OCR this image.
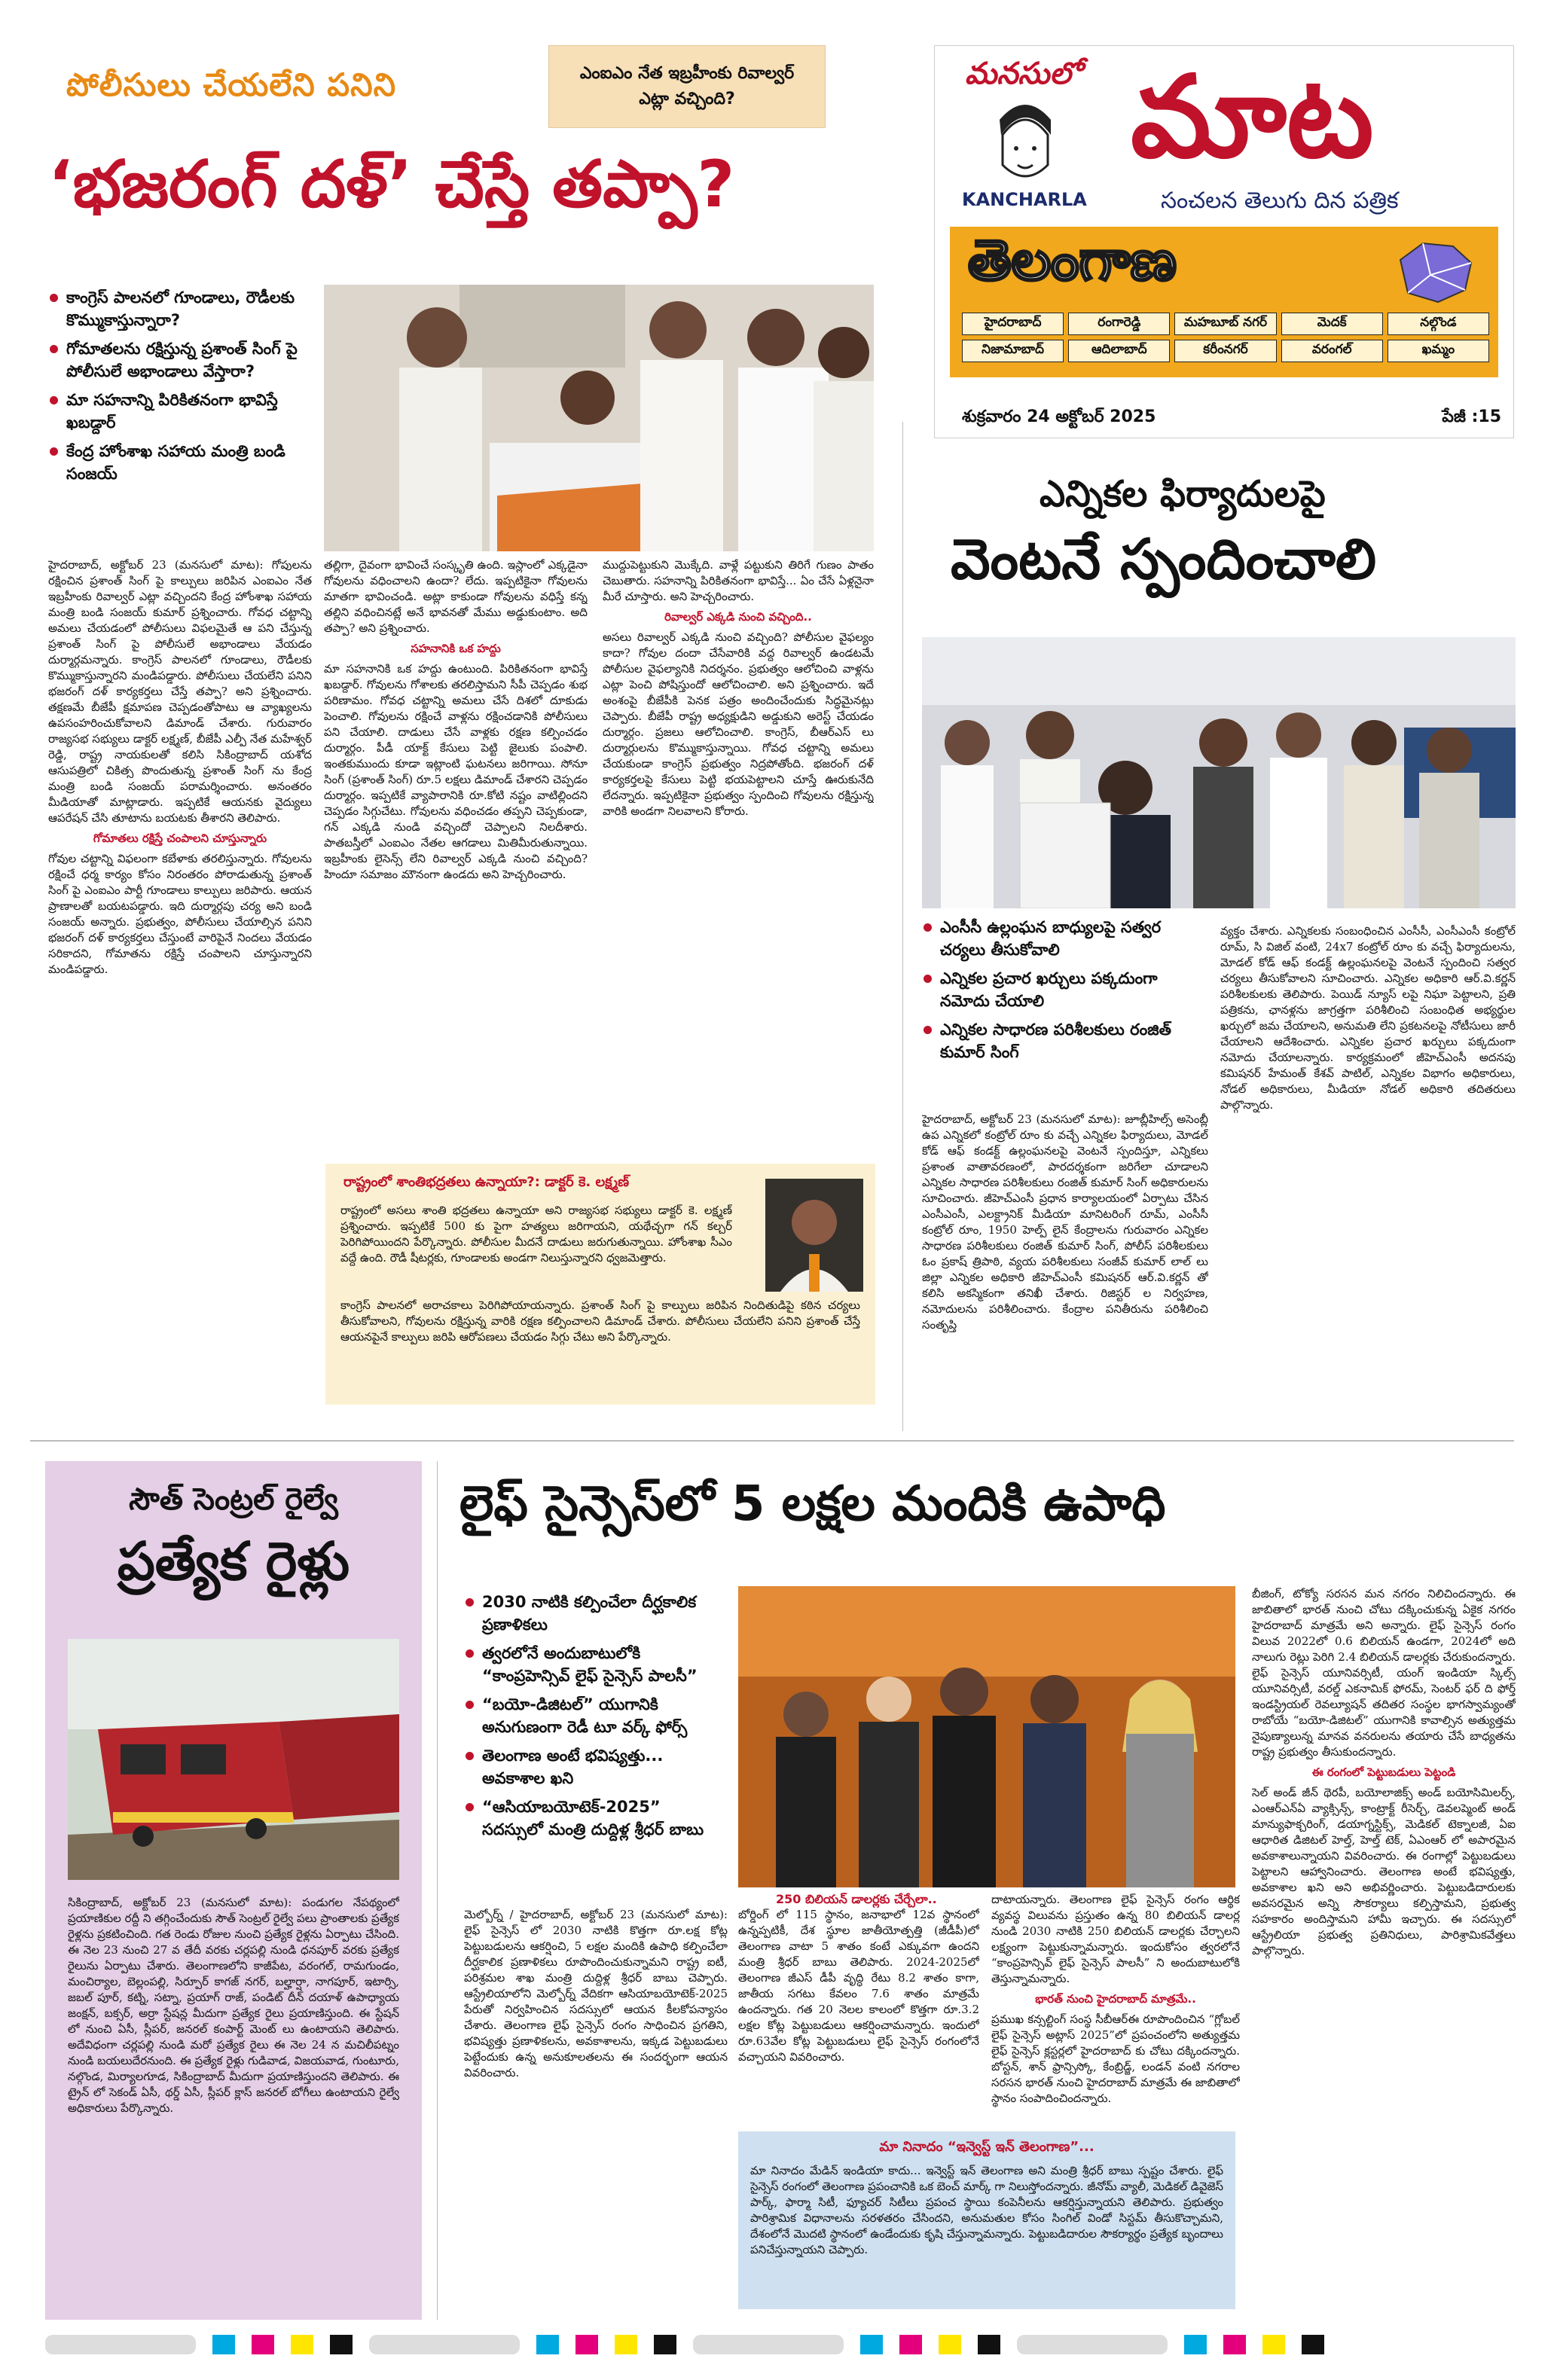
పోలీసులు చేయలేని పనిని	ఎంఐఎం నేత ఇబ్రహీంకు రివాల్వర్ ఎట్లా వచ్చింది?
‘భజరంగ్ దళ్’ చేస్తే తప్పా?
కాంగ్రెస్ పాలనలో గూండాలు, రౌడీలకు కొమ్ముకాస్తున్నారా?
గోమాతలను రక్షిస్తున్న ప్రశాంత్ సింగ్ పై పోలీసులే అభాండాలు వేస్తారా?
మా సహనాన్ని పిరికితనంగా భావిస్తే ఖబడ్దార్
కేంద్ర హోంశాఖ సహాయ మంత్రి బండి సంజయ్

హైదరాబాద్, అక్టోబర్ 23 (మనసులో మాట): గోపులను రక్షించిన ప్రశాంత్ సింగ్ పై కాల్పులు జరిపిన ఎంఐఎం నేత ఇబ్రహీంకు రివాల్వర్ ఎట్లా వచ్చిందని కేంద్ర హోంశాఖ సహాయ మంత్రి బండి సంజయ్ కుమార్ ప్రశ్నించారు. గోవధ చట్టాన్ని అమలు చేయడంలో పోలీసులు విఫలమైతే ఆ పని చేస్తున్న ప్రశాంత్ సింగ్ పై పోలీసులే అభాండాలు వేయడం దుర్మార్గమన్నారు. కాంగ్రెస్ పాలనలో గూండాలు, రౌడీలకు కొమ్ముకాస్తున్నారని మండిపడ్డారు. పోలీసులు చేయలేని పనిని భజరంగ్ దళ్ కార్యకర్తలు చేస్తే తప్పా? అని ప్రశ్నించారు. తక్షణమే బీజేపీ క్షమాపణ చెప్పడంతోపాటు ఆ వ్యాఖ్యలను ఉపసంహరించుకోవాలని డిమాండ్ చేశారు. గురువారం రాజ్యసభ సభ్యులు డాక్టర్ లక్ష్మణ్, బీజేపీ ఎల్పీ నేత మహేశ్వర్ రెడ్డి, రాష్ట్ర నాయకులతో కలిసి సికింద్రాబాద్ యశోద ఆసుపత్రిలో చికిత్స పొందుతున్న ప్రశాంత్ సింగ్ ను కేంద్ర మంత్రి బండి సంజయ్ పరామర్శించారు. అనంతరం మీడియాతో మాట్లాడారు. ఇప్పటికే ఆయనకు వైద్యులు ఆపరేషన్ చేసి తూటాను బయటకు తీశారని తెలిపారు.

గోమాతలు రక్షిస్తే చంపాలని చూస్తున్నారు

గోవుల చట్టాన్ని విఫలంగా కబేళాకు తరలిస్తున్నారు. గోవులను రక్షించే ధర్మ కార్యం కోసం నిరంతరం పోరాడుతున్న ప్రశాంత్ సింగ్ పై ఎంఐఎం పార్టీ గూండాలు కాల్పులు జరిపారు. ఆయన ప్రాణాలతో బయటపడ్డారు. ఇది దుర్మార్గపు చర్య అని బండి సంజయ్ అన్నారు. ప్రభుత్వం, పోలీసులు చేయాల్సిన పనిని భజరంగ్ దళ్ కార్యకర్తలు చేస్తుంటే వారిపైనే నిందలు వేయడం సరికాదని, గోమాతను రక్షిస్తే చంపాలని చూస్తున్నారని మండిపడ్డారు.

తల్లిగా, దైవంగా భావించే సంస్కృతి ఉంది. ఇస్లాంలో ఎక్కడైనా గోవులను వధించాలని ఉందా? లేదు. ఇప్పటికైనా గోవులను మాతగా భావించండి. అట్లా కాకుండా గోవులను వధిస్తే కన్న తల్లిని వధించినట్లే అనే భావనతో మేము అడ్డుకుంటాం. అది తప్పా? అని ప్రశ్నించారు.

సహనానికి ఒక హద్దు

మా సహనానికి ఒక హద్దు ఉంటుంది. పిరికితనంగా భావిస్తే ఖబడ్దార్. గోవులను గోశాలకు తరలిస్తామని సీపీ చెప్పడం శుభ పరిణామం. గోవధ చట్టాన్ని అమలు చేసే దిశలో దూకుడు పెంచాలి. గోవులను రక్షించే వాళ్లను రక్షించడానికి పోలీసులు పని చేయాలి. దాడులు చేసే వాళ్లకు రక్షణ కల్పించడం దుర్మార్గం. పీడీ యాక్ట్ కేసులు పెట్టి జైలుకు పంపాలి. ఇంతకుముందు కూడా ఇట్లాంటి ఘటనలు జరిగాయి. సోనూ సింగ్ (ప్రశాంత్ సింగ్) రూ.5 లక్షలు డిమాండ్ చేశారని చెప్పడం దుర్మార్గం. ఇప్పటికే వ్యాపారానికి రూ.కోటి నష్టం వాటిల్లిందని చెప్పడం సిగ్గుచేటు. గోవులను వధించడం తప్పని చెప్పకుండా, గన్ ఎక్కడి నుండి వచ్చిందో చెప్పాలని నిలదీశారు. పాతబస్తీలో ఎంఐఎం నేతల ఆగడాలు మితిమీరుతున్నాయి. ఇబ్రహీంకు లైసెన్స్ లేని రివాల్వర్ ఎక్కడి నుంచి వచ్చింది? హిందూ సమాజం మౌనంగా ఉండదు అని హెచ్చరించారు.

ముద్దుపెట్టుకుని మొక్కేది. వాళ్లే పట్టుకుని తిరిగే గుణం పాతం చెబుతారు. సహనాన్ని పిరికితనంగా భావిస్తే... ఏం చేసే ఏళ్లనైనా మీరే చూస్తారు. అని హెచ్చరించారు.

రివాల్వర్ ఎక్కడి నుంచి వచ్చింది..

అసలు రివాల్వర్ ఎక్కడి నుంచి వచ్చింది? పోలీసుల వైఫల్యం కాదా? గోవుల దందా చేసేవారికి వద్ద రివాల్వర్ ఉండటమే పోలీసుల వైఫల్యానికి నిదర్శనం. ప్రభుత్వం ఆలోచించి వాళ్లను ఎట్లా పెంచి పోషిస్తుందో ఆలోచించాలి. అని ప్రశ్నించారు. ఇదే అంశంపై బీజేపీకి పెనక పత్రం అందించేందుకు సిద్ధమైనట్లు చెప్పారు. బీజేపీ రాష్ట్ర అధ్యక్షుడిని అడ్డుకుని అరెస్ట్ చేయడం దుర్మార్గం. ప్రజలు ఆలోచించాలి. కాంగ్రెస్, బీఆర్ఎస్ లు దుర్మార్గులను కొమ్ముకాస్తున్నాయి. గోవధ చట్టాన్ని అమలు చేయకుండా కాంగ్రెస్ ప్రభుత్వం నిద్రపోతోంది. భజరంగ్ దళ్ కార్యకర్తలపై కేసులు పెట్టి భయపెట్టాలని చూస్తే ఊరుకునేది లేదన్నారు. ఇప్పటికైనా ప్రభుత్వం స్పందించి గోవులను రక్షిస్తున్న వారికి అండగా నిలవాలని కోరారు.

రాష్ట్రంలో శాంతిభద్రతలు ఉన్నాయా?: డాక్టర్ కె. లక్ష్మణ్
రాష్ట్రంలో అసలు శాంతి భద్రతలు ఉన్నాయా అని రాజ్యసభ సభ్యులు డాక్టర్ కె. లక్ష్మణ్ ప్రశ్నించారు. ఇప్పటికే 500 కు పైగా హత్యలు జరిగాయని, యథేచ్ఛగా గన్ కల్చర్ పెరిగిపోయిందని పేర్కొన్నారు. పోలీసుల మీదనే దాడులు జరుగుతున్నాయి. హోంశాఖ సీఎం వద్దే ఉంది. రౌడీ షీటర్లకు, గూండాలకు అండగా నిలుస్తున్నారని ధ్వజమెత్తారు.
కాంగ్రెస్ పాలనలో అరాచకాలు పెరిగిపోయాయన్నారు. ప్రశాంత్ సింగ్ పై కాల్పులు జరిపిన నిందితుడిపై కఠిన చర్యలు తీసుకోవాలని, గోవులను రక్షిస్తున్న వారికి రక్షణ కల్పించాలని డిమాండ్ చేశారు. పోలీసులు చేయలేని పనిని ప్రశాంత్ చేస్తే ఆయనపైనే కాల్పులు జరిపి ఆరోపణలు చేయడం సిగ్గు చేటు అని పేర్కొన్నారు.
మనసులో మాట
KANCHARLA	సంచలన తెలుగు దిన పత్రిక
తెలంగాణ
హైదరాబాద్	రంగారెడ్డి	మహబూబ్ నగర్	మెదక్	నల్గొండ
నిజామాబాద్	ఆదిలాబాద్	కరీంనగర్	వరంగల్	ఖమ్మం
శుక్రవారం 24 అక్టోబర్ 2025	పేజీ :15
ఎన్నికల ఫిర్యాదులపై
వెంటనే స్పందించాలి
ఎంసీసీ ఉల్లంఘన బాధ్యులపై సత్వర చర్యలు తీసుకోవాలి
ఎన్నికల ప్రచార ఖర్చులు పక్కదుంగా నమోదు చేయాలి
ఎన్నికల సాధారణ పరిశీలకులు రంజిత్ కుమార్ సింగ్
హైదరాబాద్, అక్టోబర్ 23 (మనసులో మాట): జూబ్లీహిల్స్ అసెంబ్లీ ఉప ఎన్నికలో కంట్రోల్ రూం కు వచ్చే ఎన్నికల ఫిర్యాదులు, మోడల్ కోడ్ ఆఫ్ కండక్ట్ ఉల్లంఘనలపై వెంటనే స్పందిస్తూ, ఎన్నికలు ప్రశాంత వాతావరణంలో, పారదర్శకంగా జరిగేలా చూడాలని ఎన్నికల సాధారణ పరిశీలకులు రంజిత్ కుమార్ సింగ్ అధికారులను సూచించారు. జీహెచ్ఎంసీ ప్రధాన కార్యాలయంలో ఏర్పాటు చేసిన ఎంసీఎంసీ, ఎలక్ట్రానిక్ మీడియా మానిటరింగ్ రూమ్, ఎంసీసీ కంట్రోల్ రూం, 1950 హెల్ప్ లైన్ కేంద్రాలను గురువారం ఎన్నికల సాధారణ పరిశీలకులు రంజిత్ కుమార్ సింగ్, పోలీస్ పరిశీలకులు ఓం ప్రకాష్ త్రిపాఠి, వ్యయ పరిశీలకులు సంజీవ్ కుమార్ లాల్ లు జిల్లా ఎన్నికల అధికారి జీహెచ్ఎంసీ కమిషనర్ ఆర్.వి.కర్ణన్ తో కలిసి అకస్మికంగా తనిఖీ చేశారు. రిజిస్టర్ ల నిర్వహణ, నమోదులను పరిశీలించారు. కేంద్రాల పనితీరును పరిశీలించి సంతృప్తి
వ్యక్తం చేశారు. ఎన్నికలకు సంబంధించిన ఎంసీసీ, ఎంసీఎంసీ కంట్రోల్ రూమ్, సి విజిల్ వంటి, 24x7 కంట్రోల్ రూం కు వచ్చే ఫిర్యాదులను, మోడల్ కోడ్ ఆఫ్ కండక్ట్ ఉల్లంఘనలపై వెంటనే స్పందించి సత్వర చర్యలు తీసుకోవాలని సూచించారు. ఎన్నికల అధికారి ఆర్.వి.కర్ణన్ పరిశీలకులకు తెలిపారు. పెయిడ్ న్యూస్ లపై నిఘా పెట్టాలని, ప్రతి పత్రికను, ఛానళ్లను జాగ్రత్తగా పరిశీలించి సంబంధిత అభ్యర్థుల ఖర్చులో జమ చేయాలని, అనుమతి లేని ప్రకటనలపై నోటీసులు జారీ చేయాలని ఆదేశించారు. ఎన్నికల ప్రచార ఖర్చులు పక్కదుంగా నమోదు చేయాలన్నారు. కార్యక్రమంలో జీహెచ్ఎంసీ అదనపు కమిషనర్ హేమంత్ కేశవ్ పాటిల్, ఎన్నికల విభాగం అధికారులు, నోడల్ అధికారులు, మీడియా నోడల్ అధికారి తదితరులు పాల్గొన్నారు.
సౌత్ సెంట్రల్ రైల్వే
ప్రత్యేక రైళ్లు
సికింద్రాబాద్, అక్టోబర్ 23 (మనసులో మాట): పండుగల నేపథ్యంలో ప్రయాణికుల రద్దీ ని తగ్గించేందుకు సౌత్ సెంట్రల్ రైల్వే పలు ప్రాంతాలకు ప్రత్యేక రైళ్లను ప్రకటించింది. గత రెండు రోజుల నుంచి ప్రత్యేక రైళ్లను ఏర్పాటు చేసింది. ఈ నెల 23 నుంచి 27 వ తేదీ వరకు చర్లపల్లి నుండి ధనపూర్ వరకు ప్రత్యేక రైలును ఏర్పాటు చేశారు. తెలంగాణలోని కాజీపేట, వరంగల్, రామగుండం, మంచిర్యాల, బెల్లంపల్లి, సిర్పూర్ కాగజ్ నగర్, బల్హార్షా, నాగపూర్, ఇటార్సి, జబల్ పూర్, కట్ని, సట్నా, ప్రయాగ్ రాజ్, పండిట్ దీన్ దయాళ్ ఉపాధ్యాయ జంక్షన్, బక్సర్, అర్రా స్టేషన్ల మీదుగా ప్రత్యేక రైలు ప్రయాణిస్తుంది. ఈ స్టేషన్ లో నుంచి ఏసీ, స్లీపర్, జనరల్ కంపార్ట్ మెంట్ లు ఉంటాయని తెలిపారు. అదేవిధంగా చర్లపల్లి నుండి మరో ప్రత్యేక రైలు ఈ నెల 24 న మచిలీపట్నం నుండి బయలుదేరనుంది. ఈ ప్రత్యేక రైళ్లు గుడివాడ, విజయవాడ, గుంటూరు, నల్గొండ, మిర్యాలగూడ, సికింద్రాబాద్ మీదుగా ప్రయాణిస్తుందని తెలిపారు. ఈ ట్రైన్ లో సెకండ్ ఏసీ, థర్డ్ ఏసీ, స్లీపర్ క్లాస్ జనరల్ బోగీలు ఉంటాయని రైల్వే అధికారులు పేర్కొన్నారు.
లైఫ్ సైన్సెస్‌లో 5 లక్షల మందికి ఉపాధి
2030 నాటికి కల్పించేలా దీర్ఘకాలిక ప్రణాళికలు
త్వరలోనే అందుబాటులోకి “కాంప్రహెన్సివ్ లైఫ్ సైన్సెస్ పాలసీ”
“బయో-డిజిటల్” యుగానికి అనుగుణంగా రెడీ టూ వర్క్ ఫోర్స్
తెలంగాణ అంటే భవిష్యత్తు... అవకాశాల ఖని
“ఆసియాబయోటెక్-2025” సదస్సులో మంత్రి దుద్దిళ్ల శ్రీధర్ బాబు
250 బిలియన్ డాలర్లకు చేర్చేలా..

మెల్బోర్న్ / హైదరాబాద్, అక్టోబర్ 23 (మనసులో మాట): లైఫ్ సైన్సెస్ లో 2030 నాటికి కొత్తగా రూ.లక్ష కోట్ల పెట్టుబడులను ఆకర్షించి, 5 లక్షల మందికి ఉపాధి కల్పించేలా దీర్ఘకాలిక ప్రణాళికలు రూపొందించుకున్నామని రాష్ట్ర ఐటీ, పరిశ్రమల శాఖ మంత్రి దుద్దిళ్ల శ్రీధర్ బాబు చెప్పారు. ఆస్ట్రేలియాలోని మెల్బోర్న్ వేదికగా ఆసియాబయోటెక్-2025 పేరుతో నిర్వహించిన సదస్సులో ఆయన కీలకోపన్యాసం చేశారు. తెలంగాణ లైఫ్ సైన్సెస్ రంగం సాధించిన ప్రగతిని, భవిష్యత్తు ప్రణాళికలను, అవకాశాలను, ఇక్కడ పెట్టుబడులు పెట్టేందుకు ఉన్న అనుకూలతలను ఈ సందర్భంగా ఆయన వివరించారు.

బోర్డింగ్ లో 115 స్థానం, జనాభాలో 12వ స్థానంలో ఉన్నప్పటికీ, దేశ స్థూల జాతీయోత్పత్తి (జీడీపీ)లో తెలంగాణ వాటా 5 శాతం కంటే ఎక్కువగా ఉందని మంత్రి శ్రీధర్ బాబు తెలిపారు. 2024-2025లో తెలంగాణ జీఎస్ డీపీ వృద్ధి రేటు 8.2 శాతం కాగా, జాతీయ సగటు కేవలం 7.6 శాతం మాత్రమే ఉందన్నారు. గత 20 నెలల కాలంలో కొత్తగా రూ.3.2 లక్షల కోట్ల పెట్టుబడులు ఆకర్షించామన్నారు. ఇందులో రూ.63వేల కోట్ల పెట్టుబడులు లైఫ్ సైన్సెస్ రంగంలోనే వచ్చాయని వివరించారు.

దాటాయన్నారు. తెలంగాణ లైఫ్ సైన్సెస్ రంగం ఆర్థిక వ్యవస్థ విలువను ప్రస్తుతం ఉన్న 80 బిలియన్ డాలర్ల నుండి 2030 నాటికి 250 బిలియన్ డాలర్లకు చేర్చాలని లక్ష్యంగా పెట్టుకున్నామన్నారు. ఇందుకోసం త్వరలోనే “కాంప్రహెన్సివ్ లైఫ్ సైన్సెస్ పాలసీ” ని అందుబాటులోకి తెస్తున్నామన్నారు.

భారత్ నుంచి హైదరాబాద్ మాత్రమే..

ప్రముఖ కన్సల్టింగ్ సంస్థ సీబీఆర్ఈ రూపొందించిన “గ్లోబల్ లైఫ్ సైన్సెస్ అట్లాస్ 2025”లో ప్రపంచంలోని అత్యుత్తమ లైఫ్ సైన్సెస్ క్లస్టర్లలో హైదరాబాద్ కు చోటు దక్కిందన్నారు. బోస్టన్, శాన్ ఫ్రాన్సిస్కో, కేంబ్రిడ్జ్, లండన్ వంటి నగరాల సరసన భారత్ నుంచి హైదరాబాద్ మాత్రమే ఈ జాబితాలో స్థానం సంపాదించిందన్నారు.

బీజింగ్, టోక్యో సరసన మన నగరం నిలిచిందన్నారు. ఈ జాబితాలో భారత్ నుంచి చోటు దక్కించుకున్న ఏకైక నగరం హైదరాబాద్ మాత్రమే అని అన్నారు. లైఫ్ సైన్సెస్ రంగం విలువ 2022లో 0.6 బిలియన్ ఉండగా, 2024లో అది నాలుగు రెట్లు పెరిగి 2.4 బిలియన్ డాలర్లకు చేరుకుందన్నారు. లైఫ్ సైన్సెస్ యూనివర్సిటీ, యంగ్ ఇండియా స్కిల్స్ యూనివర్సిటీ, వరల్డ్ ఎకనామిక్ ఫోరమ్, సెంటర్ ఫర్ ది ఫోర్త్ ఇండస్ట్రియల్ రెవల్యూషన్ తదితర సంస్థల భాగస్వామ్యంతో రాబోయే “బయో-డిజిటల్” యుగానికి కావాల్సిన అత్యుత్తమ నైపుణ్యాలున్న మానవ వనరులను తయారు చేసే బాధ్యతను రాష్ట్ర ప్రభుత్వం తీసుకుందన్నారు.

ఈ రంగంలో పెట్టుబడులు పెట్టండి

సెల్ అండ్ జీన్ థెరపీ, బయోలాజిక్స్ అండ్ బయోసిమిలర్స్, ఎంఆర్ఎన్ఏ వ్యాక్సిన్స్, కాంట్రాక్ట్ రీసెర్చ్, డెవలప్మెంట్ అండ్ మాన్యుఫాక్చరింగ్, డయాగ్నస్టిక్స్, మెడికల్ టెక్నాలజీ, ఏఐ ఆధారిత డిజిటల్ హెల్త్, హెల్త్ టెక్, ఏఎంఆర్ లో అపారమైన అవకాశాలున్నాయని వివరించారు. ఈ రంగాల్లో పెట్టుబడులు పెట్టాలని ఆహ్వానించారు. తెలంగాణ అంటే భవిష్యత్తు, అవకాశాల ఖని అని అభివర్ణించారు. పెట్టుబడిదారులకు అవసరమైన అన్ని సౌకర్యాలు కల్పిస్తామని, ప్రభుత్వ సహకారం అందిస్తామని హామీ ఇచ్చారు. ఈ సదస్సులో ఆస్ట్రేలియా ప్రభుత్వ ప్రతినిధులు, పారిశ్రామికవేత్తలు పాల్గొన్నారు.

మా నినాదం “ఇన్వెస్ట్ ఇన్ తెలంగాణ”...
మా నినాదం మేడిన్ ఇండియా కాదు... ఇన్వెస్ట్ ఇన్ తెలంగాణ అని మంత్రి శ్రీధర్ బాబు స్పష్టం చేశారు. లైఫ్ సైన్సెస్ రంగంలో తెలంగాణ ప్రపంచానికి ఒక బెంచ్ మార్క్ గా నిలుస్తోందన్నారు. జీనోమ్ వ్యాలీ, మెడికల్ డివైజెస్ పార్క్, ఫార్మా సిటీ, ఫ్యూచర్ సిటీలు ప్రపంచ స్థాయి కంపెనీలను ఆకర్షిస్తున్నాయని తెలిపారు. ప్రభుత్వం పారిశ్రామిక విధానాలను సరళతరం చేసిందని, అనుమతుల కోసం సింగిల్ విండో సిస్టమ్ తీసుకొచ్చామని, దేశంలోనే మొదటి స్థానంలో ఉండేందుకు కృషి చేస్తున్నామన్నారు. పెట్టుబడిదారుల సౌకర్యార్థం ప్రత్యేక బృందాలు పనిచేస్తున్నాయని చెప్పారు.
